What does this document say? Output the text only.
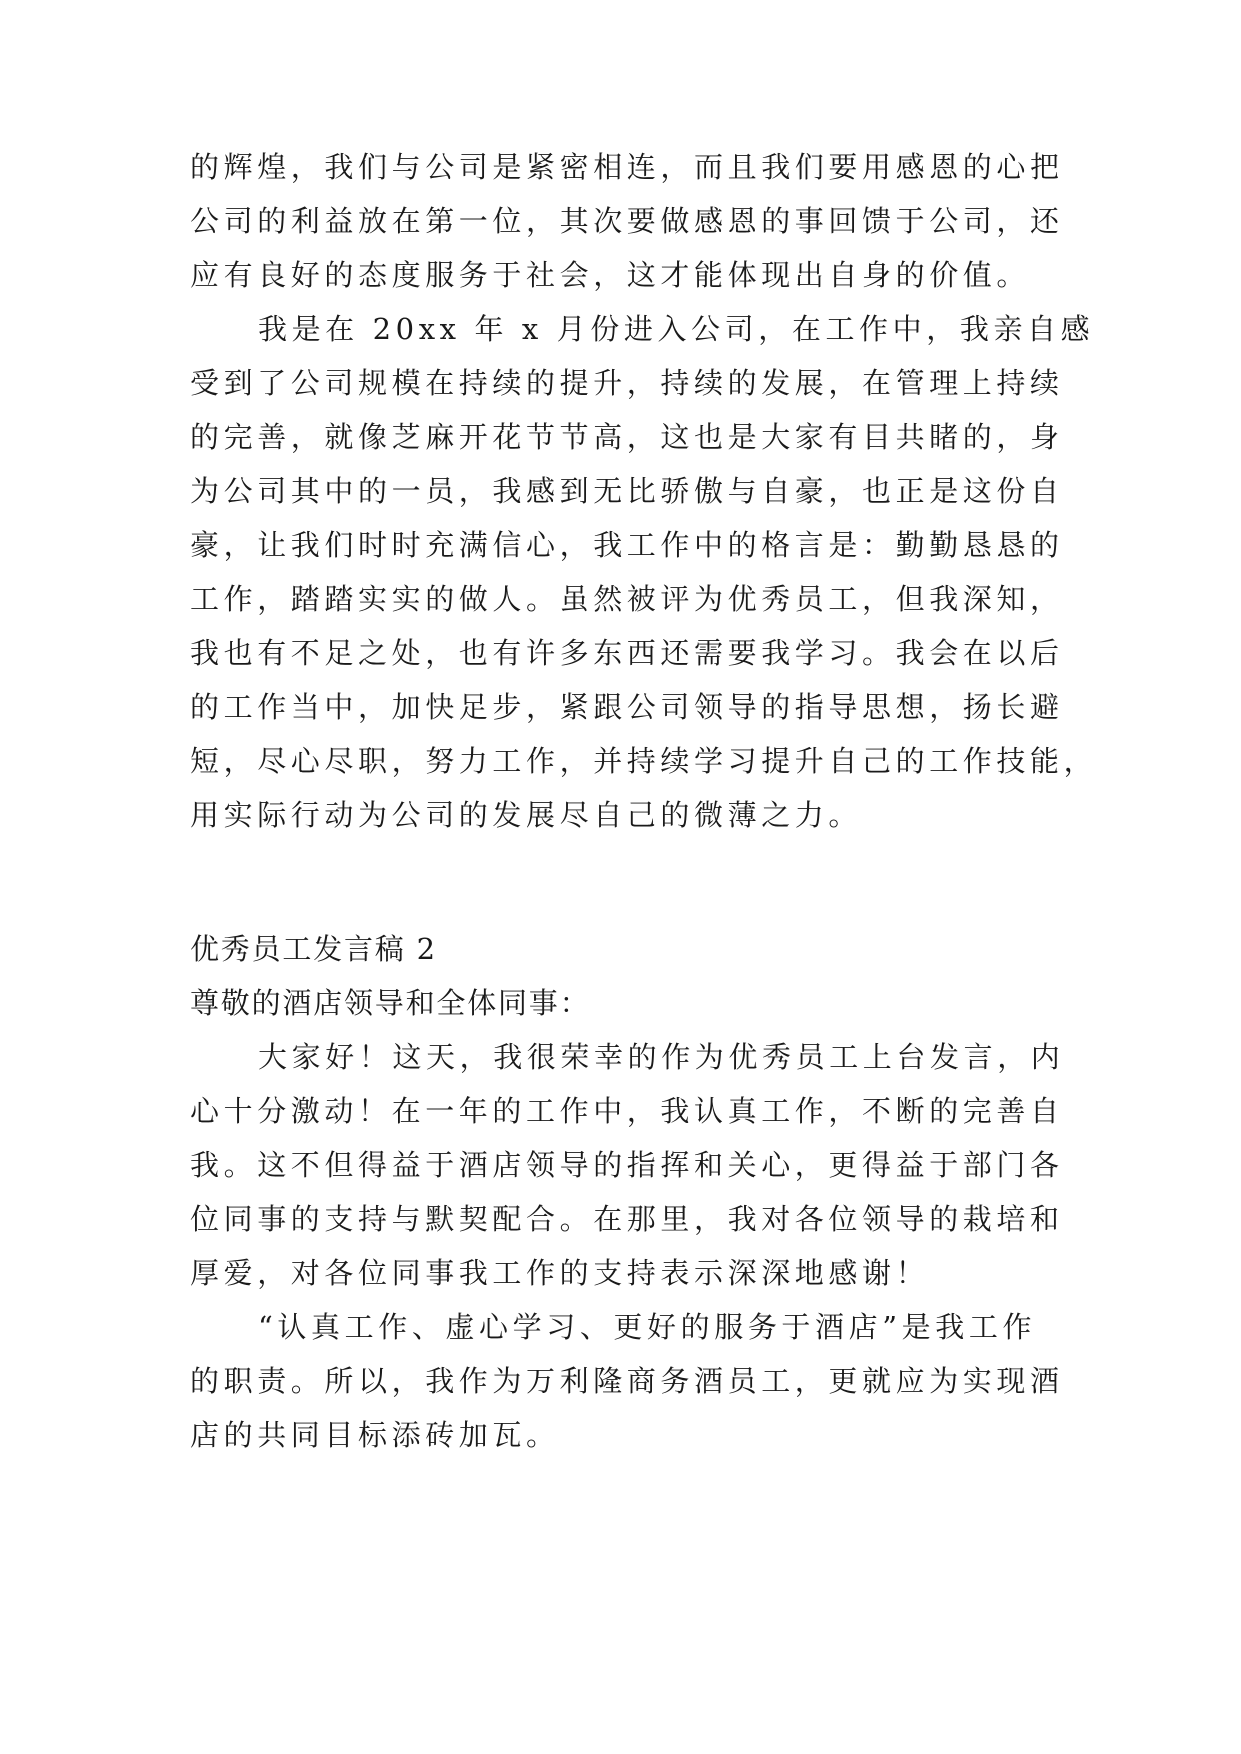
的辉煌，我们与公司是紧密相连，而且我们要用感恩的心把
公司的利益放在第一位，其次要做感恩的事回馈于公司，还
应有良好的态度服务于社会，这才能体现出自身的价值。
我是在 20xx 年 x 月份进入公司，在工作中，我亲自感
受到了公司规模在持续的提升，持续的发展，在管理上持续
的完善，就像芝麻开花节节高，这也是大家有目共睹的，身
为公司其中的一员，我感到无比骄傲与自豪，也正是这份自
豪，让我们时时充满信心，我工作中的格言是：勤勤恳恳的
工作，踏踏实实的做人。虽然被评为优秀员工，但我深知，
我也有不足之处，也有许多东西还需要我学习。我会在以后
的工作当中，加快足步，紧跟公司领导的指导思想，扬长避
短，尽心尽职，努力工作，并持续学习提升自己的工作技能，
用实际行动为公司的发展尽自己的微薄之力。
优秀员工发言稿 2
尊敬的酒店领导和全体同事：
大家好！这天，我很荣幸的作为优秀员工上台发言，内
心十分激动！在一年的工作中，我认真工作，不断的完善自
我。这不但得益于酒店领导的指挥和关心，更得益于部门各
位同事的支持与默契配合。在那里，我对各位领导的栽培和
厚爱，对各位同事我工作的支持表示深深地感谢！
“认真工作、虚心学习、更好的服务于酒店”是我工作
的职责。所以，我作为万利隆商务酒员工，更就应为实现酒
店的共同目标添砖加瓦。
